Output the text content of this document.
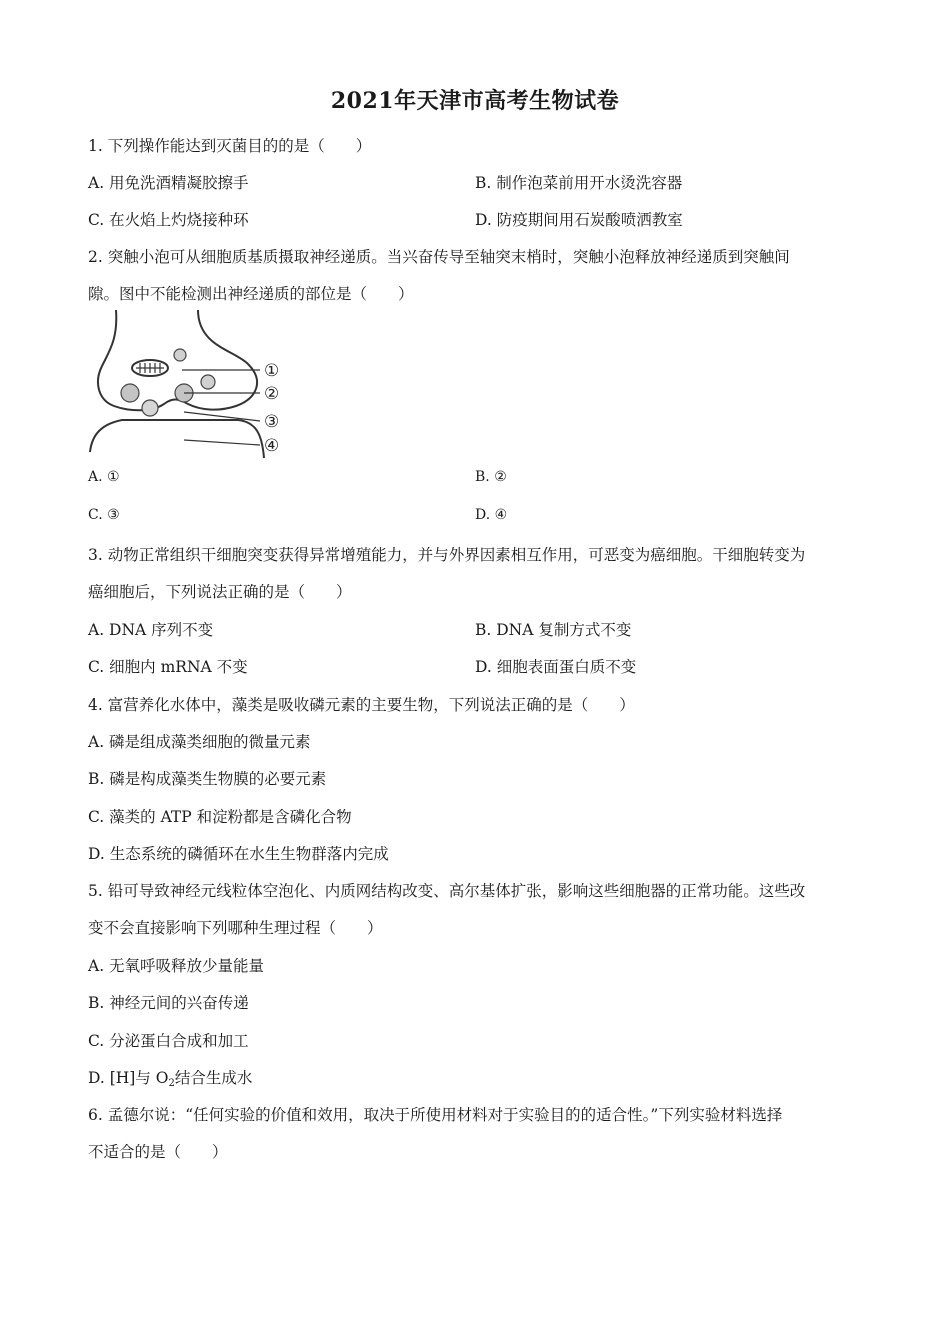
2021年天津市高考生物试卷
1. 下列操作能达到灭菌目的的是（　　）
A. 用免洗酒精凝胶擦手	B. 制作泡菜前用开水烫洗容器
C. 在火焰上灼烧接种环	D. 防疫期间用石炭酸喷洒教室
2. 突触小泡可从细胞质基质摄取神经递质。当兴奋传导至轴突末梢时，突触小泡释放神经递质到突触间
隙。图中不能检测出神经递质的部位是（　　）
①
②
③
④
A. ①	B. ②
C. ③	D. ④
3. 动物正常组织干细胞突变获得异常增殖能力，并与外界因素相互作用，可恶变为癌细胞。干细胞转变为
癌细胞后，下列说法正确的是（　　）
A. DNA 序列不变	B. DNA 复制方式不变
C. 细胞内 mRNA 不变	D. 细胞表面蛋白质不变
4. 富营养化水体中，藻类是吸收磷元素的主要生物，下列说法正确的是（　　）
A. 磷是组成藻类细胞的微量元素
B. 磷是构成藻类生物膜的必要元素
C. 藻类的 ATP 和淀粉都是含磷化合物
D. 生态系统的磷循环在水生生物群落内完成
5. 铅可导致神经元线粒体空泡化、内质网结构改变、高尔基体扩张，影响这些细胞器的正常功能。这些改
变不会直接影响下列哪种生理过程（　　）
A. 无氧呼吸释放少量能量
B. 神经元间的兴奋传递
C. 分泌蛋白合成和加工
D. [H]与 $O_2$结合生成水
6. 孟德尔说：“任何实验的价值和效用，取决于所使用材料对于实验目的的适合性。”下列实验材料选择
不适合的是（　　）
